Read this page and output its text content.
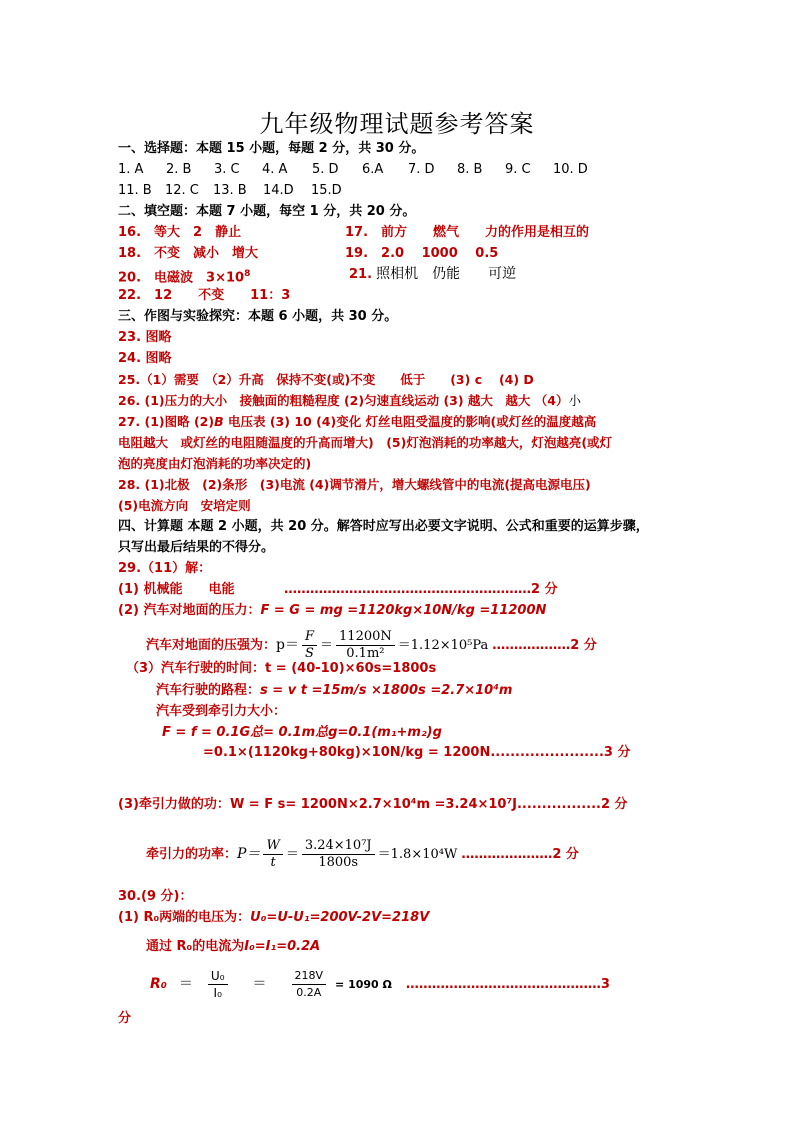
九年级物理试题参考答案
一、选择题：本题 15 小题，每题 2 分，共 30 分。
1. A 2. B 3. C 4. A 5. D 6.A 7. D 8. B 9. C 10. D
11. B 12. C 13. B 14.D 15.D
二、填空题：本题 7 小题，每空 1 分，共 20 分。
16.　等大　2　静止	17.　前方　　燃气　　力的作用是相互的
18.　不变　减小　增大	19.　2.0　 1000　 0.5
20.　电磁波　$3\times 10^8$	21. 照相机　仍能　　可逆
22.　12　　不变　　11：3
三、作图与实验探究：本题 6 小题，共 30 分。
23. 图略
24. 图略
25.（1）需要　（2）升高　保持不变(或)不变　　低于　　(3) c　 (4) D
26. (1)压力的大小　接触面的粗糙程度 (2)匀速直线运动 (3) 越大　越大 （4）小
27. (1)图略 (2)B 电压表 (3) 10 (4)变化 灯丝电阻受温度的影响(或灯丝的温度越高
电阻越大　或灯丝的电阻随温度的升高而增大)　(5)灯泡消耗的功率越大，灯泡越亮(或灯
泡的亮度由灯泡消耗的功率决定的)
28. (1)北极　(2)条形　(3)电流 (4)调节滑片，增大螺线管中的电流(提高电源电压)
(5)电流方向　安培定则
四、计算题 本题 2 小题，共 20 分。解答时应写出必要文字说明、公式和重要的运算步骤，
只写出最后结果的不得分。
29.（11）解：
(1) 机械能　　电能	…………………………………………………2 分
(2) 汽车对地面的压力：F = G = mg =1120kg×10N/kg =11200N
汽车对地面的压强为： $p= \frac{F}{S} = \frac{11200N}{\text{0.1m²}} =1.12\times 10^5Pa$ ………………2 分
（3）汽车行驶的时间：t = (40-10)×60s=1800s
汽车行驶的路程：s = v t =15m/s ×1800s =2.7×10⁴m
汽车受到牵引力大小：
F = f = 0.1G总= 0.1m总g=0.1(m₁+m₂)g
=0.1×(1120kg+80kg)×10N/kg = 1200N.......................3 分
(3)牵引力做的功：W = F s= 1200N×2.7×10⁴m =3.24×10⁷J.................2 分
牵引力的功率： $P= \frac{W}{t} = \frac{\text{3.24×10⁷J}}{1800s} =1.8\times 10^4W$ …………………2 分
30.(9 分)：
(1) R₀两端的电压为：U₀=U-U₁=200V-2V=218V
通过 R₀的电流为I₀=I₁=0.2A
$R_0 = \frac{\text{U₀}}{\text{I₀}} = \frac{218V}{0.2A} = 1090$ Ω ………………………………………3
分
